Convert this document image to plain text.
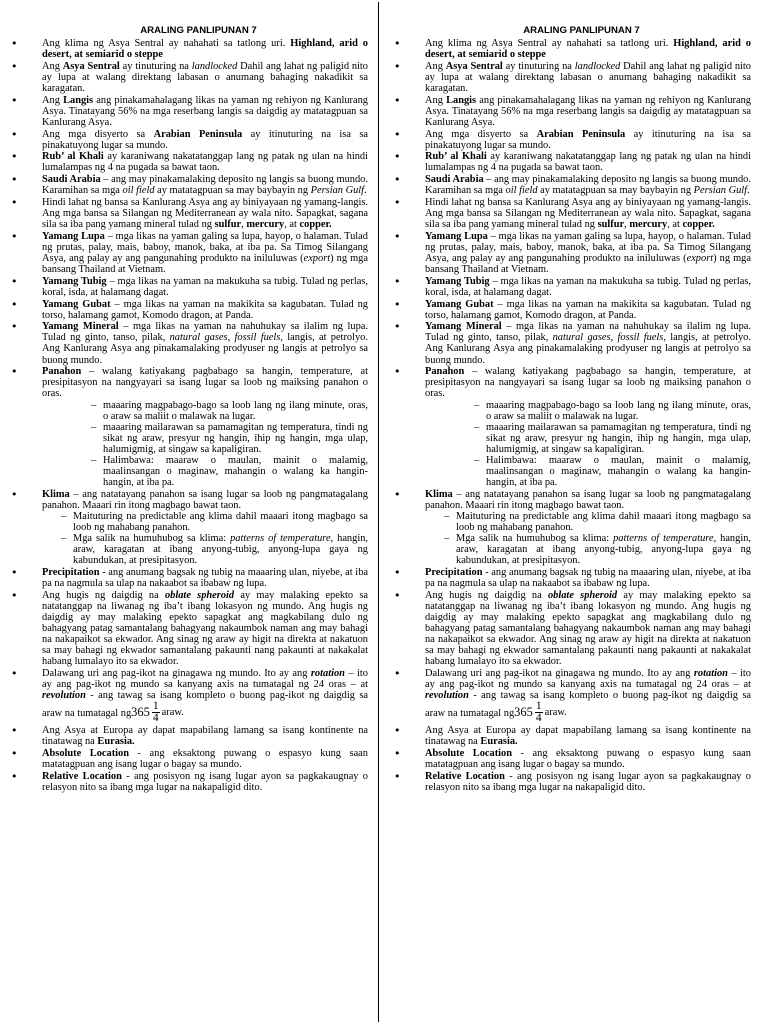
ARALING PANLIPUNAN 7
• Ang klima ng Asya Sentral ay nahahati sa tatlong uri. Highland, arid o desert, at semiarid o steppe
• Ang Asya Sentral ay tinuturing na landlocked Dahil ang lahat ng paligid nito ay lupa at walang direktang labasan o anumang bahaging nakadikit sa karagatan.
• Ang Langis ang pinakamahalagang likas na yaman ng rehiyon ng Kanlurang Asya. Tinatayang 56% na mga reserbang langis sa daigdig ay matatagpuan sa Kanlurang Asya.
• Ang mga disyerto sa Arabian Peninsula ay itinuturing na isa sa pinakatuyong lugar sa mundo.
• Rub’ al Khali ay karaniwang nakatatanggap lang ng patak ng ulan na hindi lumalampas ng 4 na pugada sa bawat taon.
• Saudi Arabia – ang may pinakamalaking deposito ng langis sa buong mundo. Karamihan sa mga oil field ay matatagpuan sa may baybayin ng Persian Gulf.
• Hindi lahat ng bansa sa Kanlurang Asya ang ay biniyayaan ng yamang-langis. Ang mga bansa sa Silangan ng Mediterranean ay wala nito. Sapagkat, sagana sila sa iba pang yamang mineral tulad ng sulfur, mercury, at copper.
• Yamang Lupa – mga likas na yaman galing sa lupa, hayop, o halaman. Tulad ng prutas, palay, mais, baboy, manok, baka, at iba pa. Sa Timog Silangang Asya, ang palay ay ang pangunahing produkto na iniluluwas (export) ng mga bansang Thailand at Vietnam.
• Yamang Tubig – mga likas na yaman na makukuha sa tubig. Tulad ng perlas, koral, isda, at halamang dagat.
• Yamang Gubat – mga likas na yaman na makikita sa kagubatan. Tulad ng torso, halamang gamot, Komodo dragon, at Panda.
• Yamang Mineral – mga likas na yaman na nahuhukay sa ilalim ng lupa. Tulad ng ginto, tanso, pilak, natural gases, fossil fuels, langis, at petrolyo. Ang Kanlurang Asya ang pinakamalaking prodyuser ng langis at petrolyo sa buong mundo.
• Panahon – walang katiyakang pagbabago sa hangin, temperature, at presipitasyon na nangyayari sa isang lugar sa loob ng maiksing panahon o oras.
– maaaring magpabago-bago sa loob lang ng ilang minute, oras, o araw sa maliit o malawak na lugar.
– maaaring mailarawan sa pamamagitan ng temperatura, tindi ng sikat ng araw, presyur ng hangin, ihip ng hangin, mga ulap, halumigmig, at singaw sa kapaligiran.
– Halimbawa: maaraw o maulan, mainit o malamig, maalinsangan o maginaw, mahangin o walang ka hangin-hangin, at iba pa.
• Klima – ang natatayang panahon sa isang lugar sa loob ng pangmatagalang panahon. Maaari rin itong magbago bawat taon.
– Maituturing na predictable ang klima dahil maaari itong magbago sa loob ng mahabang panahon.
– Mga salik na humuhubog sa klima: patterns of temperature, hangin, araw, karagatan at ibang anyong-tubig, anyong-lupa gaya ng kabundukan, at presipitasyon.
• Precipitation - ang anumang bagsak ng tubig na maaaring ulan, niyebe, at iba pa na nagmula sa ulap na nakaabot sa ibabaw ng lupa.
• Ang hugis ng daigdig na oblate spheroid ay may malaking epekto sa natatanggap na liwanag ng iba’t ibang lokasyon ng mundo. Ang hugis ng daigdig ay may malaking epekto sapagkat ang magkabilang dulo ng bahagyang patag samantalang bahagyang nakaumbok naman ang may bahagi na nakapaikot sa ekwador. Ang sinag ng araw ay higit na direkta at nakatuon sa may bahagi ng ekwador samantalang pakaunti nang pakaunti at nakakalat habang lumalayo ito sa ekwador.
• Dalawang uri ang pag-ikot na ginagawa ng mundo. Ito ay ang rotation – ito ay ang pag-ikot ng mundo sa kanyang axis na tumatagal ng 24 oras – at revolution - ang tawag sa isang kompleto o buong pag-ikot ng daigdig sa araw na tumatagal ng $365 \frac{1}{4}$ araw.
• Ang Asya at Europa ay dapat mapabilang lamang sa isang kontinente na tinatawag na Eurasia.
• Absolute Location - ang eksaktong puwang o espasyo kung saan matatagpuan ang isang lugar o bagay sa mundo.
• Relative Location - ang posisyon ng isang lugar ayon sa pagkakaugnay o relasyon nito sa ibang mga lugar na nakapaligid dito.
ARALING PANLIPUNAN 7
• Ang klima ng Asya Sentral ay nahahati sa tatlong uri. Highland, arid o desert, at semiarid o steppe
• Ang Asya Sentral ay tinuturing na landlocked Dahil ang lahat ng paligid nito ay lupa at walang direktang labasan o anumang bahaging nakadikit sa karagatan.
• Ang Langis ang pinakamahalagang likas na yaman ng rehiyon ng Kanlurang Asya. Tinatayang 56% na mga reserbang langis sa daigdig ay matatagpuan sa Kanlurang Asya.
• Ang mga disyerto sa Arabian Peninsula ay itinuturing na isa sa pinakatuyong lugar sa mundo.
• Rub’ al Khali ay karaniwang nakatatanggap lang ng patak ng ulan na hindi lumalampas ng 4 na pugada sa bawat taon.
• Saudi Arabia – ang may pinakamalaking deposito ng langis sa buong mundo. Karamihan sa mga oil field ay matatagpuan sa may baybayin ng Persian Gulf.
• Hindi lahat ng bansa sa Kanlurang Asya ang ay biniyayaan ng yamang-langis. Ang mga bansa sa Silangan ng Mediterranean ay wala nito. Sapagkat, sagana sila sa iba pang yamang mineral tulad ng sulfur, mercury, at copper.
• Yamang Lupa – mga likas na yaman galing sa lupa, hayop, o halaman. Tulad ng prutas, palay, mais, baboy, manok, baka, at iba pa. Sa Timog Silangang Asya, ang palay ay ang pangunahing produkto na iniluluwas (export) ng mga bansang Thailand at Vietnam.
• Yamang Tubig – mga likas na yaman na makukuha sa tubig. Tulad ng perlas, koral, isda, at halamang dagat.
• Yamang Gubat – mga likas na yaman na makikita sa kagubatan. Tulad ng torso, halamang gamot, Komodo dragon, at Panda.
• Yamang Mineral – mga likas na yaman na nahuhukay sa ilalim ng lupa. Tulad ng ginto, tanso, pilak, natural gases, fossil fuels, langis, at petrolyo. Ang Kanlurang Asya ang pinakamalaking prodyuser ng langis at petrolyo sa buong mundo.
• Panahon – walang katiyakang pagbabago sa hangin, temperature, at presipitasyon na nangyayari sa isang lugar sa loob ng maiksing panahon o oras.
– maaaring magpabago-bago sa loob lang ng ilang minute, oras, o araw sa maliit o malawak na lugar.
– maaaring mailarawan sa pamamagitan ng temperatura, tindi ng sikat ng araw, presyur ng hangin, ihip ng hangin, mga ulap, halumigmig, at singaw sa kapaligiran.
– Halimbawa: maaraw o maulan, mainit o malamig, maalinsangan o maginaw, mahangin o walang ka hangin-hangin, at iba pa.
• Klima – ang natatayang panahon sa isang lugar sa loob ng pangmatagalang panahon. Maaari rin itong magbago bawat taon.
– Maituturing na predictable ang klima dahil maaari itong magbago sa loob ng mahabang panahon.
– Mga salik na humuhubog sa klima: patterns of temperature, hangin, araw, karagatan at ibang anyong-tubig, anyong-lupa gaya ng kabundukan, at presipitasyon.
• Precipitation - ang anumang bagsak ng tubig na maaaring ulan, niyebe, at iba pa na nagmula sa ulap na nakaabot sa ibabaw ng lupa.
• Ang hugis ng daigdig na oblate spheroid ay may malaking epekto sa natatanggap na liwanag ng iba’t ibang lokasyon ng mundo. Ang hugis ng daigdig ay may malaking epekto sapagkat ang magkabilang dulo ng bahagyang patag samantalang bahagyang nakaumbok naman ang may bahagi na nakapaikot sa ekwador. Ang sinag ng araw ay higit na direkta at nakatuon sa may bahagi ng ekwador samantalang pakaunti nang pakaunti at nakakalat habang lumalayo ito sa ekwador.
• Dalawang uri ang pag-ikot na ginagawa ng mundo. Ito ay ang rotation – ito ay ang pag-ikot ng mundo sa kanyang axis na tumatagal ng 24 oras – at revolution - ang tawag sa isang kompleto o buong pag-ikot ng daigdig sa araw na tumatagal ng $365 \frac{1}{4}$ araw.
• Ang Asya at Europa ay dapat mapabilang lamang sa isang kontinente na tinatawag na Eurasia.
• Absolute Location - ang eksaktong puwang o espasyo kung saan matatagpuan ang isang lugar o bagay sa mundo.
• Relative Location - ang posisyon ng isang lugar ayon sa pagkakaugnay o relasyon nito sa ibang mga lugar na nakapaligid dito.
